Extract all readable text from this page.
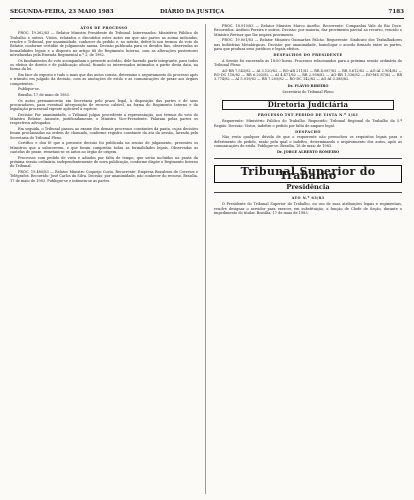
SEGUNDA-FEIRA, 23 MAIO 1983	DIÁRIO DA JUSTIÇA	7183
ATOS DE PROCESSO
PROC. 19.362/83 — Relator Ministro Presidente do Tribunal. Interessados: Ministério Público do Trabalho e outros. Vistos, relatados e discutidos estes autos em que são partes as acima indicadas, resolve o Tribunal, por unanimidade, conhecer do pedido e, no mérito, deferi-lo nos termos do voto do Relator, conforme certidão de julgamento anexa. Decisão publicada para os devidos fins, observadas as formalidades legais e o disposto no artigo 88 do Regimento Interno, com as alterações posteriores introduzidas pela Emenda Regimental n.º 2, de 1982.
Os fundamentos do voto acompanham o presente acórdão, dele fazendo parte integrante, para todos os efeitos de direito e de publicação oficial, ficando os interessados intimados a partir desta data, na forma da lei.
Em face do exposto e tudo o mais que dos autos consta, determino o arquivamento do processo após o trânsito em julgado da decisão, com as anotações de estilo e as comunicações de praxe aos órgãos competentes.
Publique-se.
Brasília, 17 de maio de 1983.
Os autos permanecerão em Secretaria pelo prazo legal, à disposição das partes e de seus procuradores, para eventual interposição de recurso cabível, na forma do Regimento Interno e da legislação processual vigente aplicável à espécie.
Decisão: Por unanimidade, o Tribunal julgou procedente a representação, nos termos do voto do Ministro Relator. Ausente, justificadamente, o Ministro Vice-Presidente. Falaram pelas partes os respectivos advogados.
Em seguida, o Tribunal passou ao exame dos demais processos constantes da pauta, cujas decisões foram proclamadas na ordem de chamada, conforme registro constante da ata da sessão, lavrada pela Secretaria do Tribunal Pleno.
Certifico e dou fé que a presente decisão foi publicada na sessão de julgamento, presentes os Ministros que a subscrevem, e que foram cumpridas todas as formalidades legais. Observadas as cautelas de praxe, remetam-se os autos ao órgão de origem.
Processos com pedido de vista e adiados por falta de tempo, que serão incluídos na pauta da próxima sessão ordinária, independentemente de nova publicação, conforme dispõe o Regimento Interno do Tribunal.
PROC. 19.480/83 — Relator Ministro Coqueijo Costa. Recorrente: Empresa Brasileira de Correios e Telégrafos. Recorrido: José Carlos da Silva. Decisão: por unanimidade, não conhecer do recurso. Brasília, 17 de maio de 1983. Publique-se e intimem-se as partes.
PROC. 18.910/83 — Relator Ministro Marco Aurélio. Recorrente: Companhia Vale do Rio Doce. Recorridos: Antônio Pereira e outros. Decisão: por maioria, dar provimento parcial ao recurso, vencido o Ministro Revisor que lhe negava provimento.
PROC. 19.001/83 — Relator Ministro Guimarães Falcão. Requerente: Sindicato dos Trabalhadores nas Indústrias Metalúrgicas. Decisão: por unanimidade, homologar o acordo firmado entre as partes, para que produza seus jurídicos e legais efeitos.
DESPACHOS DO PRESIDENTE
A Sessão foi encerrada às 18:00 horas. Processos relacionados para a próxima sessão ordinária do Tribunal Pleno:
AG-RR 7.543/82 — AI 3.120/82 — RO-AR 211/82 — RR 4.087/82 — RR 5.612/82 — AG-AI 2.904/82 — RO-DC 118/82 — RR 6.203/82 — AI 4.471/82 — RR 2.958/82 — AG-RR 1.336/82 — RO-MS 87/82 — RR 3.774/82 — AI 5.019/82 — RR 7.205/82 — RO-DC 142/82 — AG-AI 3.388/82.
Dr. FLÁVIO RIBEIRO
Secretário do Tribunal Pleno
Diretoria Judiciária
PROCESSO TST PEDIDO DE VISTA N.º 1/83
Requerente: Ministério Público do Trabalho. Requerido: Tribunal Regional do Trabalho da 5.ª Região. Decisão: Vistos, indefiro o pedido por falta de amparo legal.
DESPACHO
Não resta qualquer dúvida de que o requerente não preencheu os requisitos legais para o deferimento do pedido, razão pela qual o indefiro, determinando o arquivamento dos autos, após as comunicações de estilo. Publique-se. Brasília, 16 de maio de 1983.
Dr. JORGE ALBERTO ROMEIRO
Tribunal Superior do Trabalho
Presidência
ATO N.º 63/83
O Presidente do Tribunal Superior do Trabalho, no uso de suas atribuições legais e regimentais, resolve designar o servidor para exercer, em substituição, a função de Chefe de Seção, durante o impedimento do titular. Brasília, 17 de maio de 1983.
